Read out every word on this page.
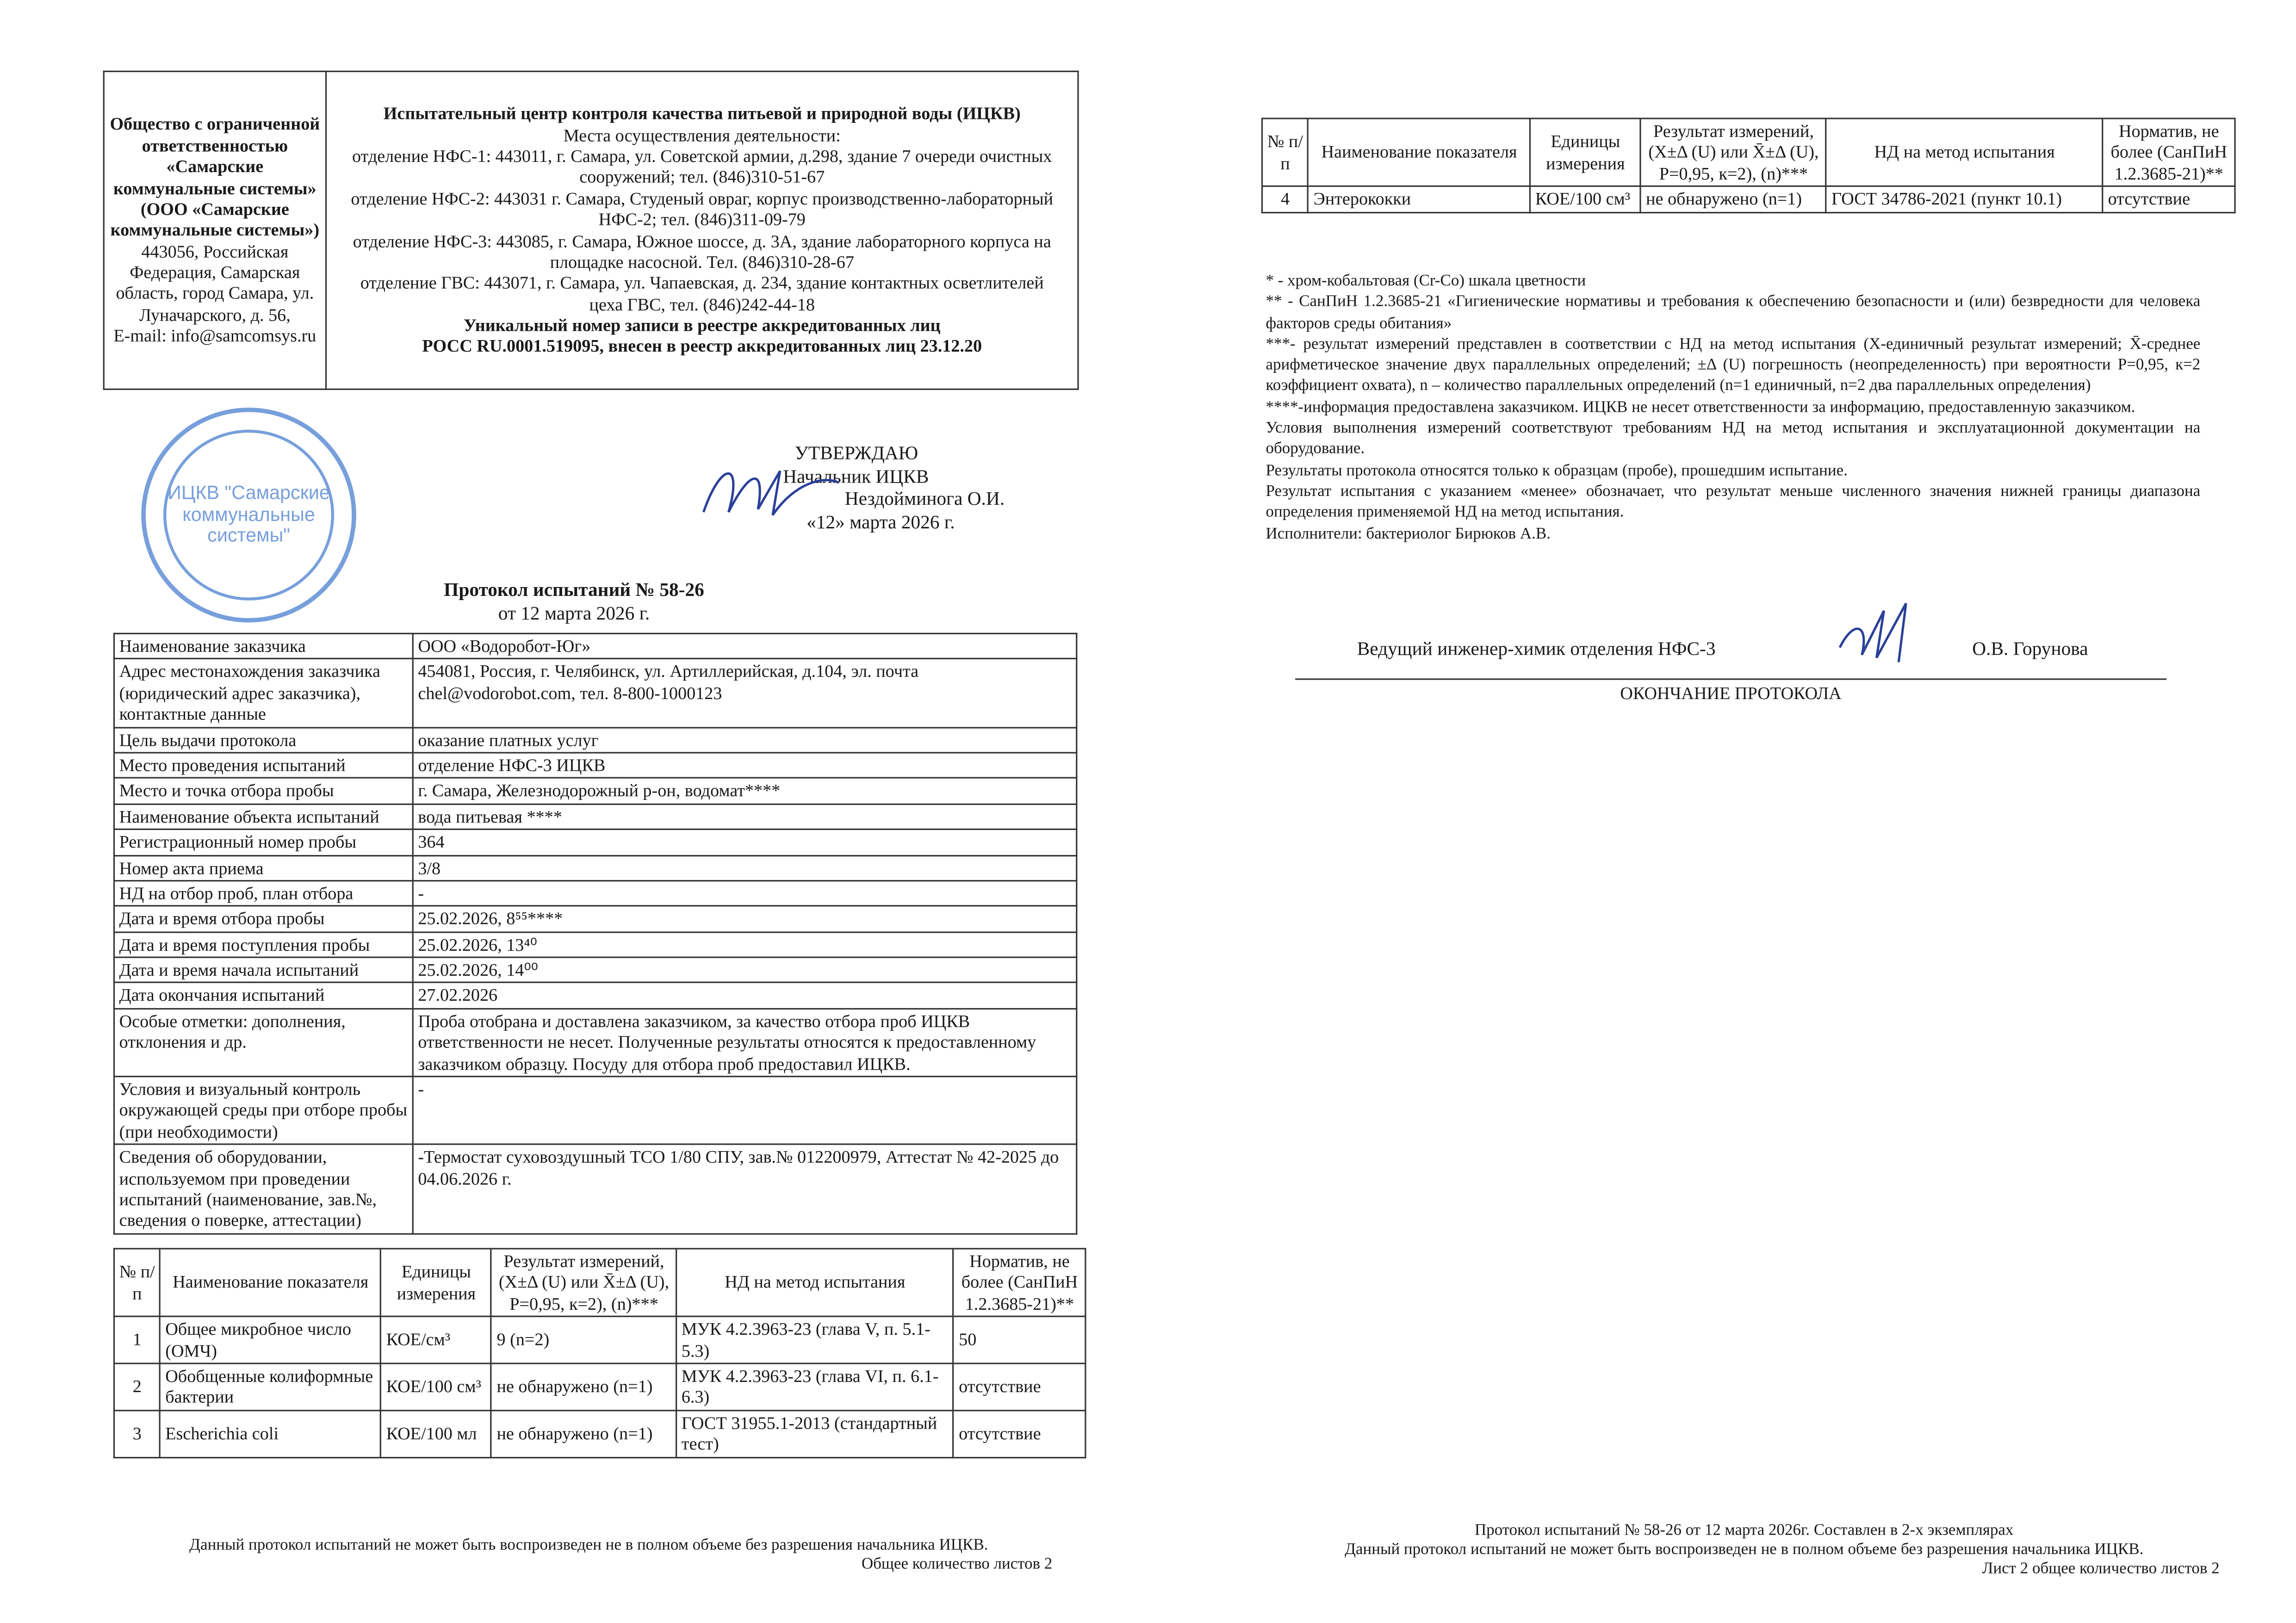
Общество с ограниченной ответственностью «Самарские коммунальные системы» (ООО «Самарские коммунальные системы»)
443056, Российская Федерация, Самарская область, город Самара, ул. Луначарского, д. 56,
E-mail: info@samcomsys.ru

Испытательный центр контроля качества питьевой и природной воды (ИЦКВ)
Места осуществления деятельности:
отделение НФС-1: 443011, г. Самара, ул. Советской армии, д.298, здание 7 очереди очистных сооружений; тел. (846)310-51-67
отделение НФС-2: 443031 г. Самара, Студеный овраг, корпус производственно-лабораторный НФС-2; тел. (846)311-09-79
отделение НФС-3: 443085, г. Самара, Южное шоссе, д. 3А, здание лабораторного корпуса на площадке насосной. Тел. (846)310-28-67
отделение ГВС: 443071, г. Самара, ул. Чапаевская, д. 234, здание контактных осветлителей цеха ГВС, тел. (846)242-44-18
Уникальный номер записи в реестре аккредитованных лиц
РОСС RU.0001.519095, внесен в реестр аккредитованных лиц 23.12.20
ИЦКВ "Самарские коммунальные системы"
УТВЕРЖДАЮ
Начальник ИЦКВ
Нездойминога О.И.
«12» марта 2026 г.
Протокол испытаний № 58-26
от 12 марта 2026 г.
Наименование заказчика	ООО «Водоробот-Юг»
Адрес местонахождения заказчика (юридический адрес заказчика), контактные данные	454081, Россия, г. Челябинск, ул. Артиллерийская, д.104, эл. почта chel@vodorobot.com, тел. 8-800-1000123
Цель выдачи протокола	оказание платных услуг
Место проведения испытаний	отделение НФС-3 ИЦКВ
Место и точка отбора пробы	г. Самара, Железнодорожный р-он, водомат****
Наименование объекта испытаний	вода питьевая ****
Регистрационный номер пробы	364
Номер акта приема	3/8
НД на отбор проб, план отбора	-
Дата и время отбора пробы	25.02.2026, 8⁵⁵****
Дата и время поступления пробы	25.02.2026, 13⁴⁰
Дата и время начала испытаний	25.02.2026, 14⁰⁰
Дата окончания испытаний	27.02.2026
Особые отметки: дополнения, отклонения и др.	Проба отобрана и доставлена заказчиком, за качество отбора проб ИЦКВ ответственности не несет. Полученные результаты относятся к предоставленному заказчиком образцу. Посуду для отбора проб предоставил ИЦКВ.
Условия и визуальный контроль окружающей среды при отборе пробы (при необходимости)	-
Сведения об оборудовании, используемом при проведении испытаний (наименование, зав.№, сведения о поверке, аттестации)	-Термостат суховоздушный ТСО 1/80 СПУ, зав.№ 012200979, Аттестат № 42-2025 до 04.06.2026 г.
№ п/п	Наименование показателя	Единицы измерения	Результат измерений, (X±Δ (U) или X̄±Δ (U), P=0,95, к=2), (n)***	НД на метод испытания	Норматив, не более (СанПиН 1.2.3685-21)**
1	Общее микробное число (ОМЧ)	КОЕ/см³	9 (n=2)	МУК 4.2.3963-23 (глава V, п. 5.1-5.3)	50
2	Обобщенные колиформные бактерии	КОЕ/100 см³	не обнаружено (n=1)	МУК 4.2.3963-23 (глава VI, п. 6.1-6.3)	отсутствие
3	Escherichia coli	КОЕ/100 мл	не обнаружено (n=1)	ГОСТ 31955.1-2013 (стандартный тест)	отсутствие
Данный протокол испытаний не может быть воспроизведен не в полном объеме без разрешения начальника ИЦКВ.
Общее количество листов 2
№ п/п	Наименование показателя	Единицы измерения	Результат измерений, (X±Δ (U) или X̄±Δ (U), P=0,95, к=2), (n)***	НД на метод испытания	Норматив, не более (СанПиН 1.2.3685-21)**
4	Энтерококки	КОЕ/100 см³	не обнаружено (n=1)	ГОСТ 34786-2021 (пункт 10.1)	отсутствие
* - хром-кобальтовая (Cr-Co) шкала цветности
** - СанПиН 1.2.3685-21 «Гигиенические нормативы и требования к обеспечению безопасности и (или) безвредности для человека факторов среды обитания»
***- результат измерений представлен в соответствии с НД на метод испытания (X-единичный результат измерений; X̄-среднее арифметическое значение двух параллельных определений; ±Δ (U) погрешность (неопределенность) при вероятности P=0,95, к=2 коэффициент охвата), n – количество параллельных определений (n=1 единичный, n=2 два параллельных определения)
****-информация предоставлена заказчиком. ИЦКВ не несет ответственности за информацию, предоставленную заказчиком.
Условия выполнения измерений соответствуют требованиям НД на метод испытания и эксплуатационной документации на оборудование.
Результаты протокола относятся только к образцам (пробе), прошедшим испытание.
Результат испытания с указанием «менее» обозначает, что результат меньше численного значения нижней границы диапазона определения применяемой НД на метод испытания.
Исполнители: бактериолог Бирюков А.В.
Ведущий инженер-химик отделения НФС-3	О.В. Горунова
ОКОНЧАНИЕ ПРОТОКОЛА
Протокол испытаний № 58-26 от 12 марта 2026г. Составлен в 2-х экземплярах
Данный протокол испытаний не может быть воспроизведен не в полном объеме без разрешения начальника ИЦКВ.
Лист 2 общее количество листов 2
